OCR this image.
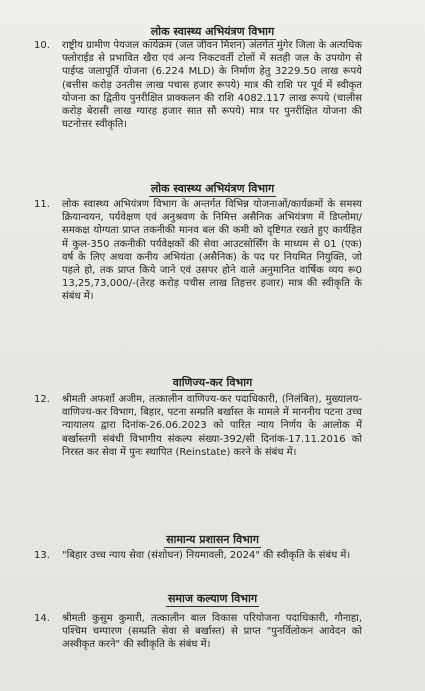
लोक स्वास्थ्य अभियंत्रण विभाग
10. राष्ट्रीय ग्रामीण पेयजल कार्यक्रम (जल जीवन मिशन) अंतर्गत मुंगेर जिला के अत्यधिक फ्लोराईड से प्रभावित खैरा एवं अन्य निकटवर्ती टोलों में सतही जल के उपयोग से पाईप्ड जलापूर्ति योजना (6.224 MLD) के निर्माण हेतु 3229.50 लाख रूपये (बत्तीस करोड़ उनतीस लाख पचास हजार रूपये) मात्र की राशि पर पूर्व में स्वीकृत योजना का द्वितीय पुनरीक्षित प्राक्कलन की राशि 4082.117 लाख रूपये (चालीस करोड़ बेरासी लाख ग्यारह हजार सात सौ रूपये) मात्र पर पुनरीक्षित योजना की घटनोत्तर स्वीकृति।
लोक स्वास्थ्य अभियंत्रण विभाग
11. लोक स्वास्थ्य अभियंत्रण विभाग के अन्तर्गत विभिन्न योजनाओं/कार्यक्रमों के समस्य क्रियान्वयन, पर्यवेक्षण एवं अनुश्रवण के निमित्त असैनिक अभियंत्रण में डिप्लोमा/समकक्ष योग्यता प्राप्त तकनीकी मानव बल की कमी को दृष्टिगत रखते हुए कार्यहित में कुल-350 तकनीकी पर्यवेक्षकों की सेवा आउटसोर्सिंग के माध्यम से 01 (एक) वर्ष के लिए अथवा कनीय अभियंता (असैनिक) के पद पर नियमित नियुक्ति, जो पहले हो, तक प्राप्त किये जाने एवं उसपर होने वाले अनुमानित वार्षिक व्यय रू0 13,25,73,000/-(तेरह करोड़ पचीस लाख तिहत्तर हजार) मात्र की स्वीकृति के संबंध में।
वाणिज्य-कर विभाग
12. श्रीमती अफशाँ अजीम, तत्कालीन वाणिज्य-कर पदाधिकारी, (निलंबित), मुख्यालय-वाणिज्य-कर विभाग, बिहार, पटना सम्प्रति बर्खास्त के मामले में माननीय पटना उच्च न्यायालय द्वारा दिनांक-26.06.2023 को पारित न्याय निर्णय के आलोक में बर्खास्तगी संबंधी विभागीय संकल्प संख्या-392/सी दिनांक-17.11.2016 को निरस्त कर सेवा में पुनः स्थापित (Reinstate) करने के संबंध में।
सामान्य प्रशासन विभाग
13. "बिहार उच्च न्याय सेवा (संशोधन) नियमावली, 2024" की स्वीकृति के संबंध में।
समाज कल्याण विभाग
14. श्रीमती कुसुम कुमारी, तत्कालीन बाल विकास परियोजना पदाधिकारी, गौनाहा, पश्चिम चम्पारण (सम्प्रति सेवा से बर्खास्त) से प्राप्त "पुनर्विलोकन आवेदन को अस्वीकृत करने" की स्वीकृति के संबंध में।
